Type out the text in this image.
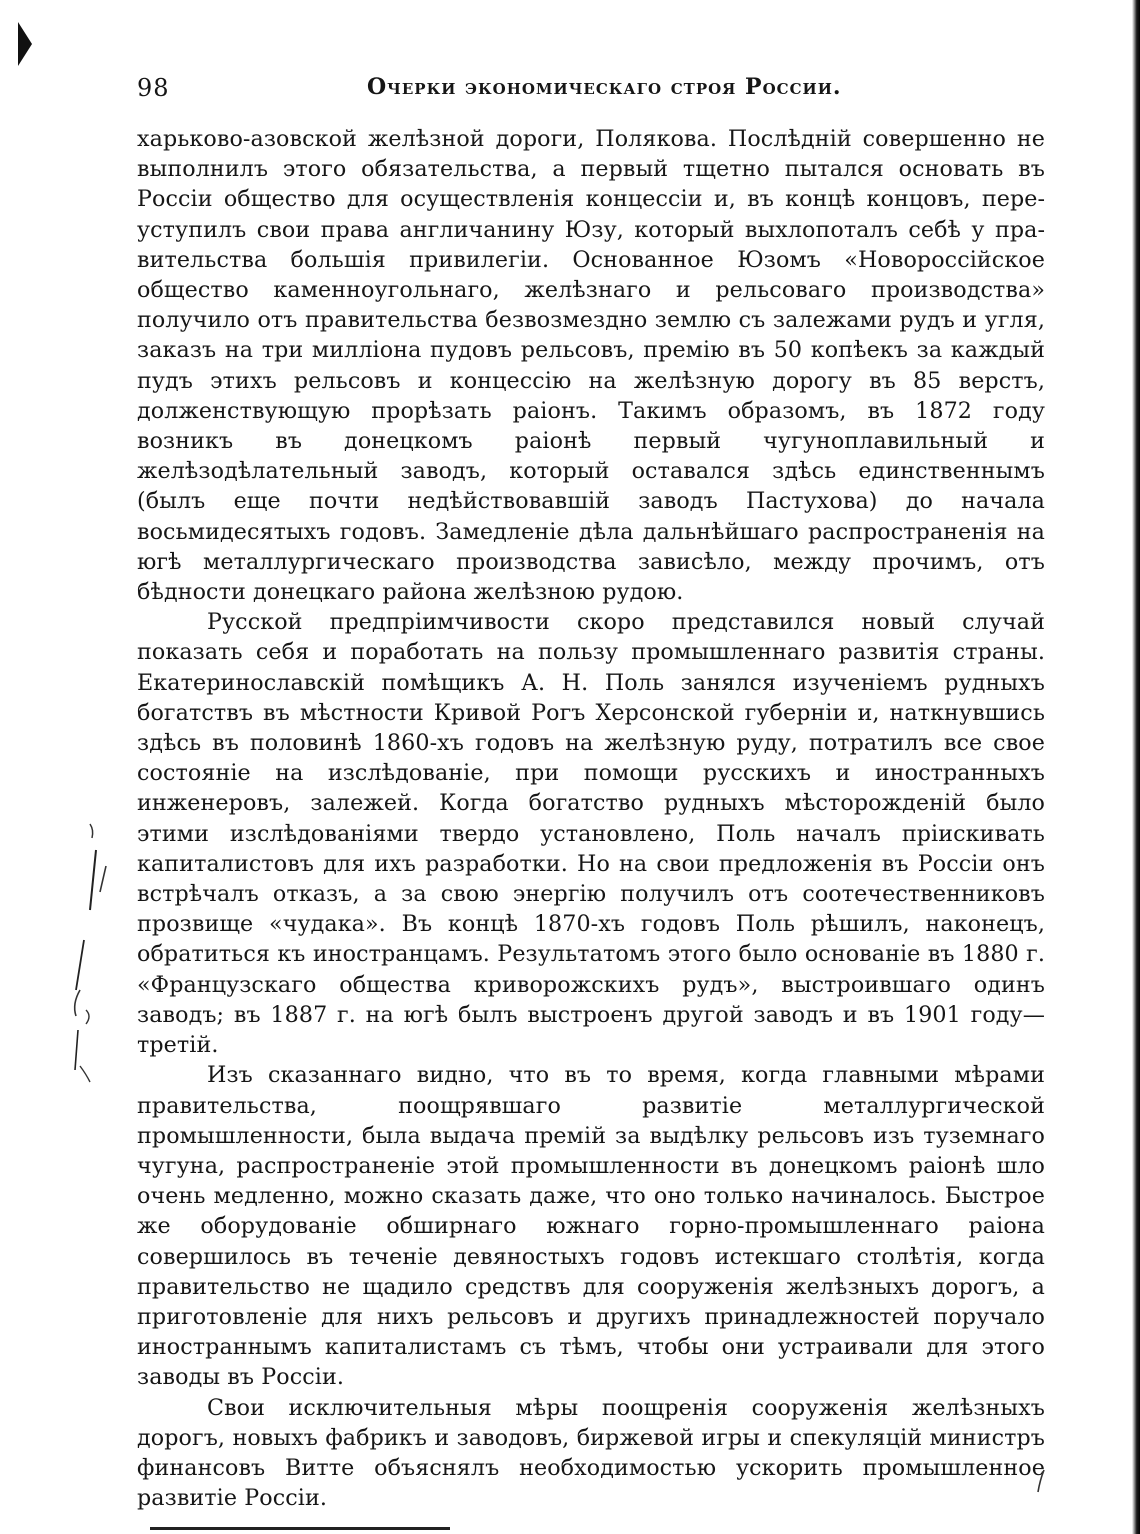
98	Очерки экономическаго строя России.

харьково-азовской желѣзной дороги, Полякова. Послѣднiй совершенно не выполнилъ этого обязательства, а первый тщетно пытался основать въ Россiи общество для осуществленiя концессiи и, въ концѣ концовъ, переуступилъ свои права англичанину Юзу, который выхлопоталъ себѣ у правительства большiя привилегiи. Основанное Юзомъ «Новороссiйское общество каменноугольнаго, желѣзнаго и рельсоваго производства» получило отъ правительства безвозмездно землю съ залежами рудъ и угля, заказъ на три милліона пудовъ рельсовъ, премiю въ 50 копѣекъ за каждый пудъ этихъ рельсовъ и концессiю на желѣзную дорогу въ 85 верстъ, долженствующую прорѣзать раiонъ. Такимъ образомъ, въ 1872 году возникъ въ донецкомъ раiонѣ первый чугуноплавильный и желѣзодѣлательный заводъ, который оставался здѣсь единственнымъ (былъ еще почти недѣйствовавшiй заводъ Пастухова) до начала восьмидесятыхъ годовъ. Замедленiе дѣла дальнѣйшаго распространенiя на югѣ металлургическаго производства зависѣло, между прочимъ, отъ бѣдности донецкаго района желѣзною рудою.

Русской предпрiимчивости скоро представился новый случай показать себя и поработать на пользу промышленнаго развитiя страны. Екатеринославскiй помѣщикъ А. Н. Поль занялся изученiемъ рудныхъ богатствъ въ мѣстности Кривой Рогъ Херсонской губернiи и, наткнувшись здѣсь въ половинѣ 1860-хъ годовъ на желѣзную руду, потратилъ все свое состоянiе на изслѣдованiе, при помощи русскихъ и иностранныхъ инженеровъ, залежей. Когда богатство рудныхъ мѣсторожденiй было этими изслѣдованiями твердо установлено, Поль началъ прiискивать капиталистовъ для ихъ разработки. Но на свои предложенiя въ Россiи онъ встрѣчалъ отказъ, а за свою энергiю получилъ отъ соотечественниковъ прозвище «чудака». Въ концѣ 1870-хъ годовъ Поль рѣшилъ, наконецъ, обратиться къ иностранцамъ. Результатомъ этого было основанiе въ 1880 г. «Французскаго общества криворожскихъ рудъ», выстроившаго одинъ заводъ; въ 1887 г. на югѣ былъ выстроенъ другой заводъ и въ 1901 году—третiй.

Изъ сказаннаго видно, что въ то время, когда главными мѣрами правительства, поощрявшаго развитiе металлургической промышленности, была выдача премiй за выдѣлку рельсовъ изъ туземнаго чугуна, распространенiе этой промышленности въ донецкомъ раiонѣ шло очень медленно, можно сказать даже, что оно только начиналось. Быстрое же оборудованiе обширнаго южнаго горно-промышленнаго раiона совершилось въ теченiе девяностыхъ годовъ истекшаго столѣтiя, когда правительство не щадило средствъ для сооруженiя желѣзныхъ дорогъ, а приготовленiе для нихъ рельсовъ и другихъ принадлежностей поручало иностраннымъ капиталистамъ съ тѣмъ, чтобы они устраивали для этого заводы въ Россiи.

Свои исключительныя мѣры поощренiя сооруженiя желѣзныхъ дорогъ, новыхъ фабрикъ и заводовъ, биржевой игры и спекуляцiй министръ финансовъ Витте объяснялъ необходимостью ускорить промышленное развитiе Россiи.
